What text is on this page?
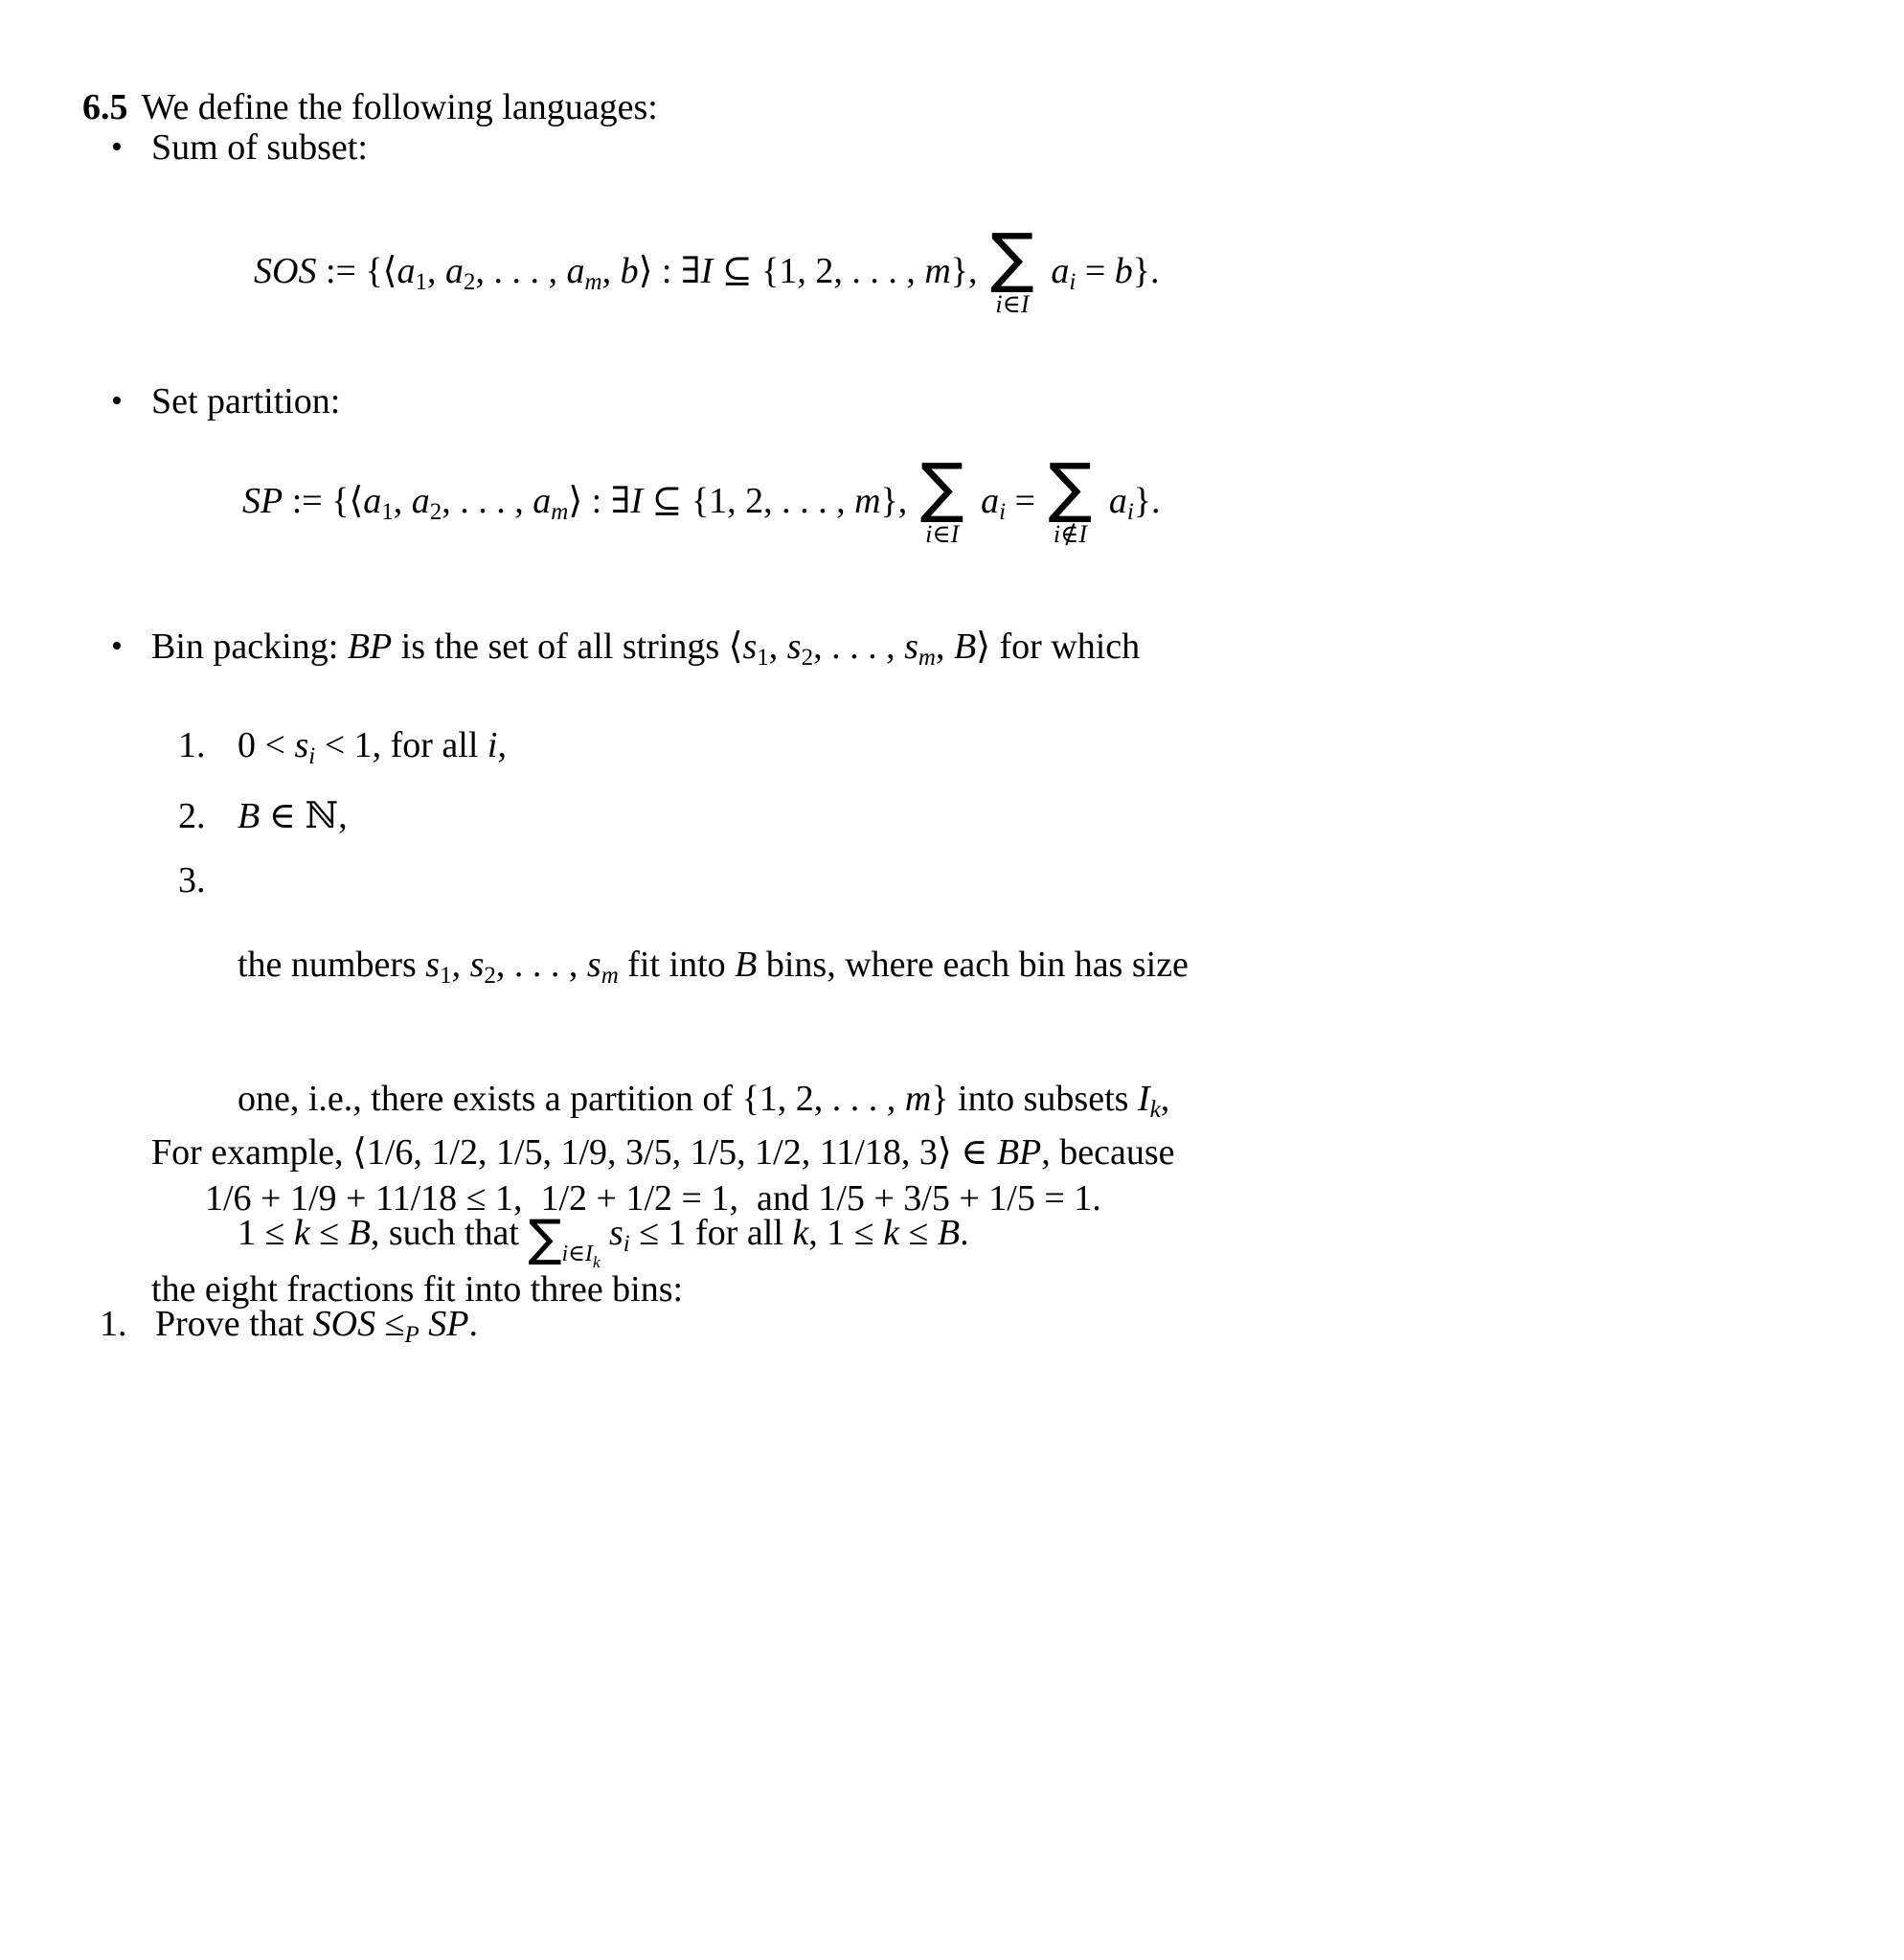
6.5 We define the following languages:

• Sum of subset:
SOS := {⟨a1, a2, . . . , am, b⟩ : ∃I ⊆ {1, 2, . . . , m}, ∑
i∈I
ai = b}.
• Set partition:
SP := {⟨a1, a2, . . . , am⟩ : ∃I ⊆ {1, 2, . . . , m}, ∑
i∈I
ai = ∑
i∉I
ai}.
• Bin packing: BP is the set of all strings ⟨s1, s2, . . . , sm, B⟩ for which
1. 0 < si < 1, for all i,
2. B ∈ ℕ,
3.

the numbers s1, s2, . . . , sm fit into B bins, where each bin has size

one, i.e., there exists a partition of {1, 2, . . . , m} into subsets Ik,

1 ≤ k ≤ B, such that $\sum_{i\in Ik}$ si ≤ 1 for all k, 1 ≤ k ≤ B.

For example, ⟨1/6, 1/2, 1/5, 1/9, 3/5, 1/5, 1/2, 11/18, 3⟩ ∈ BP, because

the eight fractions fit into three bins:

1/6 + 1/9 + 11/18 ≤ 1,  1/2 + 1/2 = 1,  and 1/5 + 3/5 + 1/5 = 1.
1. Prove that SOS ≤P SP.
